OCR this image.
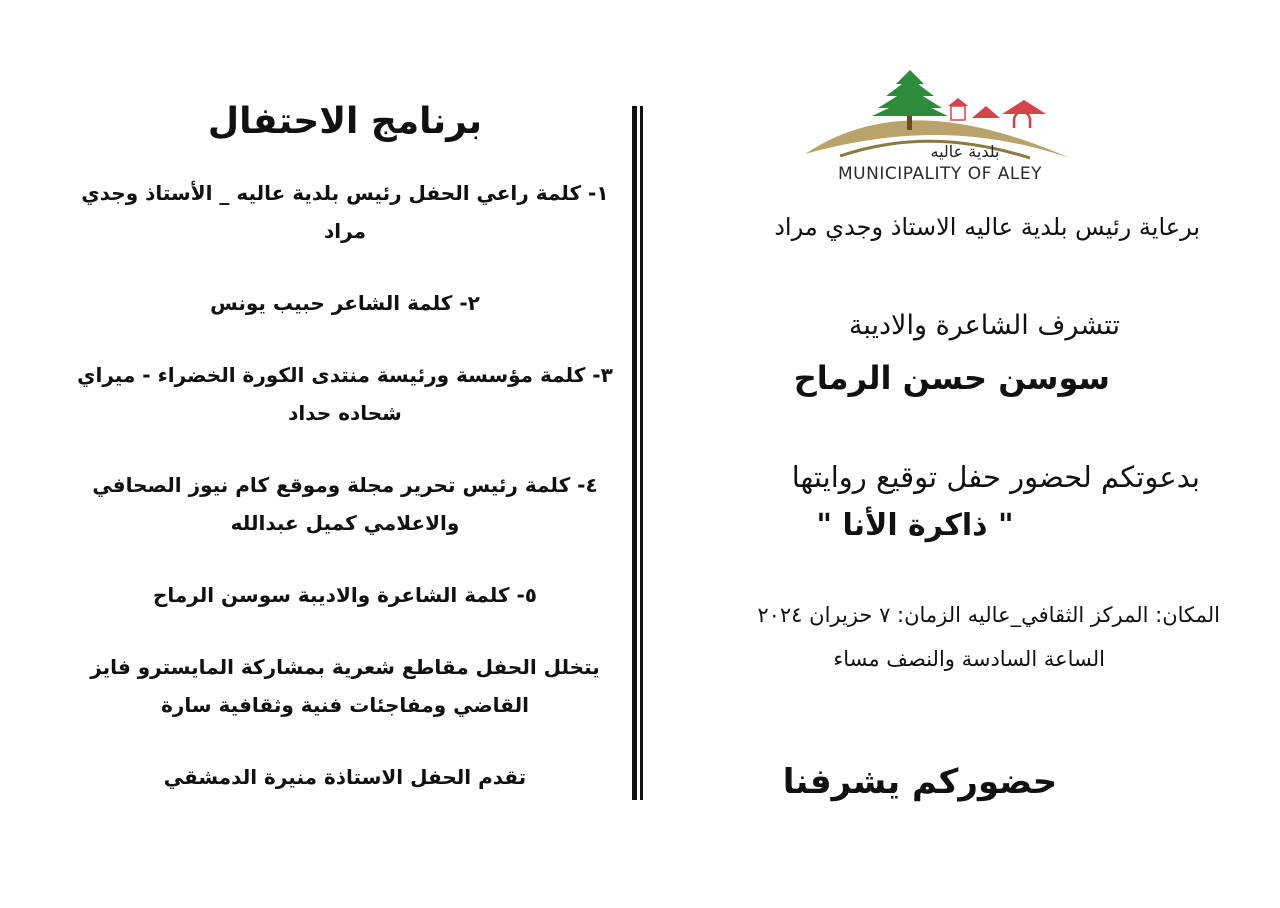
برنامج الاحتفال
١- كلمة راعي الحفل رئيس بلدية عاليه _ الأستاذ وجدي مراد
٢- كلمة الشاعر حبيب يونس
٣- كلمة مؤسسة ورئيسة منتدى الكورة الخضراء - ميراي شحاده حداد
٤- كلمة رئيس تحرير مجلة وموقع كام نيوز الصحافي والاعلامي كميل عبدالله
٥- كلمة الشاعرة والاديبة سوسن الرماح
يتخلل الحفل مقاطع شعرية بمشاركة المايسترو فايز القاضي ومفاجئات فنية وثقافية سارة
تقدم الحفل الاستاذة منيرة الدمشقي
بلدية عاليه
MUNICIPALITY OF ALEY
برعاية رئيس بلدية عاليه الاستاذ وجدي مراد
تتشرف الشاعرة والاديبة
سوسن حسن الرماح
بدعوتكم لحضور حفل توقيع روايتها
" ذاكرة الأنا "
المكان: المركز الثقافي_عاليه الزمان: ٧ حزيران ٢٠٢٤
الساعة السادسة والنصف مساء
حضوركم يشرفنا
